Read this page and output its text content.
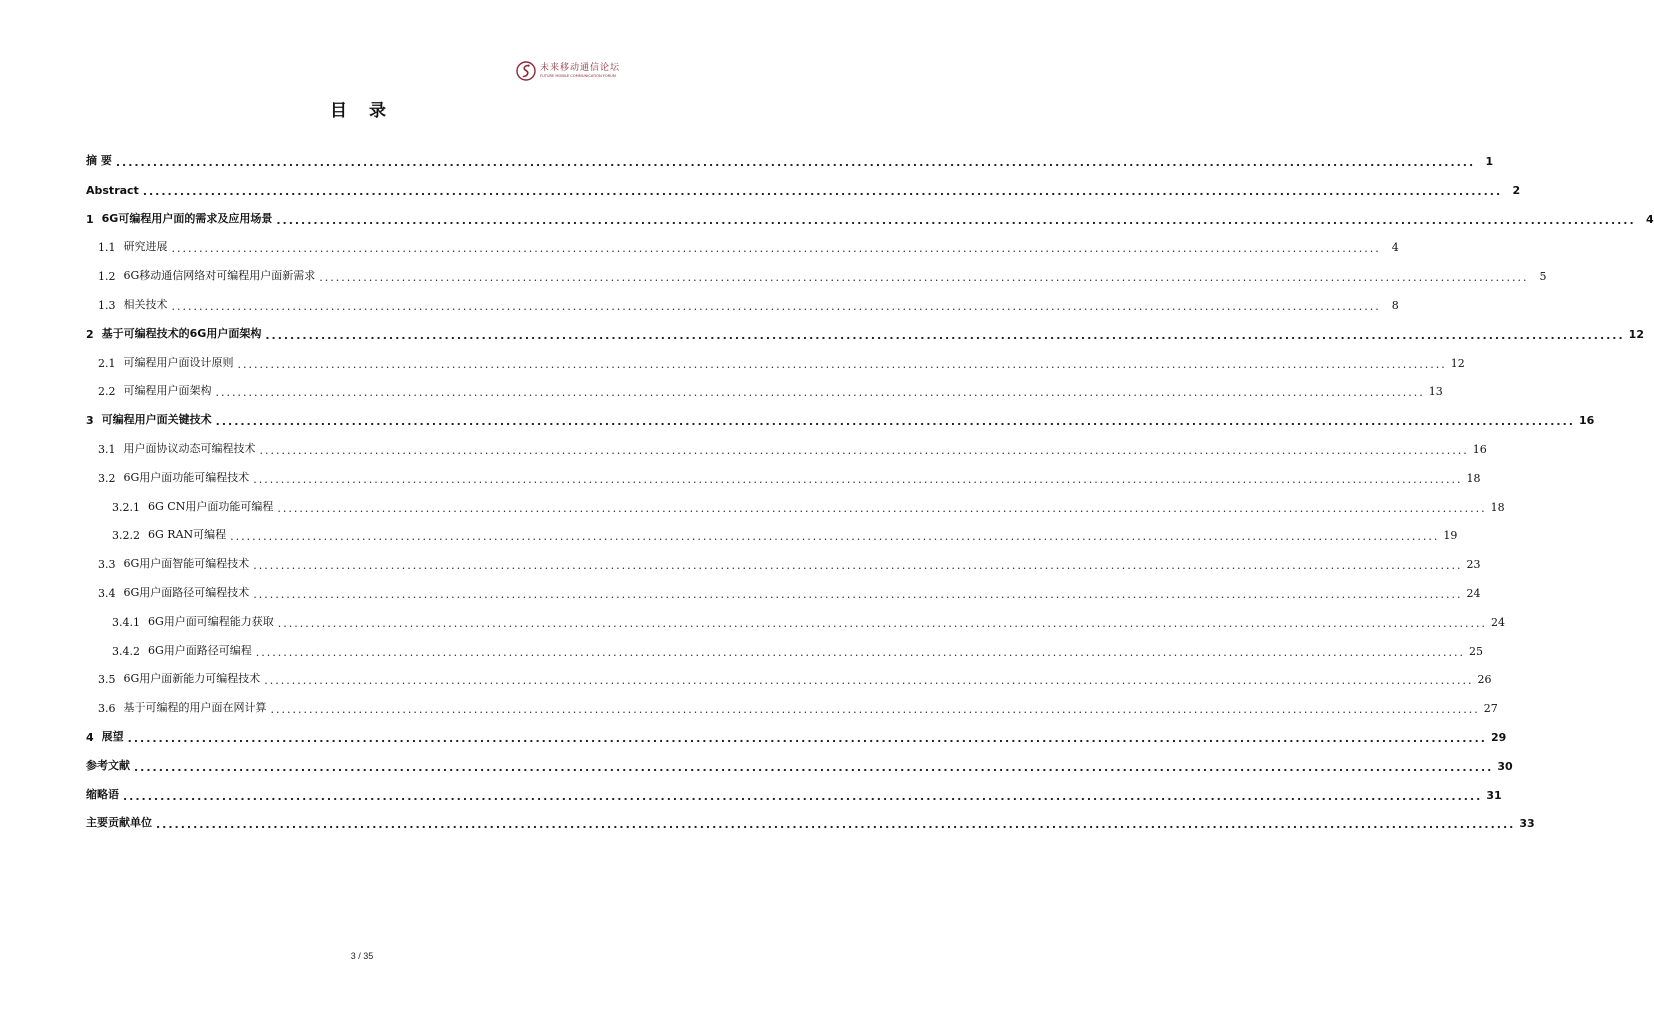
未来移动通信论坛
FUTURE MOBILE COMMUNICATION FORUM
目 录
摘 要 ............................................................................................................................................................................................................................ 1
Abstract ............................................................................................................................................................................................................................ 2
1 6G可编程用户面的需求及应用场景 ............................................................................................................................................................................................................................ 4
1.1 研究进展 ............................................................................................................................................................................................................................	4
1.2 6G移动通信网络对可编程用户面新需求 ............................................................................................................................................................................................................................	5
1.3 相关技术 ............................................................................................................................................................................................................................	8
2 基于可编程技术的6G用户面架构 ............................................................................................................................................................................................................................ 12
2.1 可编程用户面设计原则 ............................................................................................................................................................................................................................ 12
2.2 可编程用户面架构 ............................................................................................................................................................................................................................ 13
3 可编程用户面关键技术 ............................................................................................................................................................................................................................ 16
3.1 用户面协议动态可编程技术 ............................................................................................................................................................................................................................ 16
3.2 6G用户面功能可编程技术 ............................................................................................................................................................................................................................ 18
3.2.1 6G CN用户面功能可编程 ............................................................................................................................................................................................................................ 18
3.2.2 6G RAN可编程 ............................................................................................................................................................................................................................ 19
3.3 6G用户面智能可编程技术 ............................................................................................................................................................................................................................ 23
3.4 6G用户面路径可编程技术 ............................................................................................................................................................................................................................ 24
3.4.1 6G用户面可编程能力获取 ............................................................................................................................................................................................................................ 24
3.4.2 6G用户面路径可编程 ............................................................................................................................................................................................................................ 25
3.5 6G用户面新能力可编程技术 ............................................................................................................................................................................................................................ 26
3.6 基于可编程的用户面在网计算 ............................................................................................................................................................................................................................ 27
4 展望 ............................................................................................................................................................................................................................ 29
参考文献 ............................................................................................................................................................................................................................ 30
缩略语 ............................................................................................................................................................................................................................ 31
主要贡献单位 ............................................................................................................................................................................................................................ 33
3 / 35
